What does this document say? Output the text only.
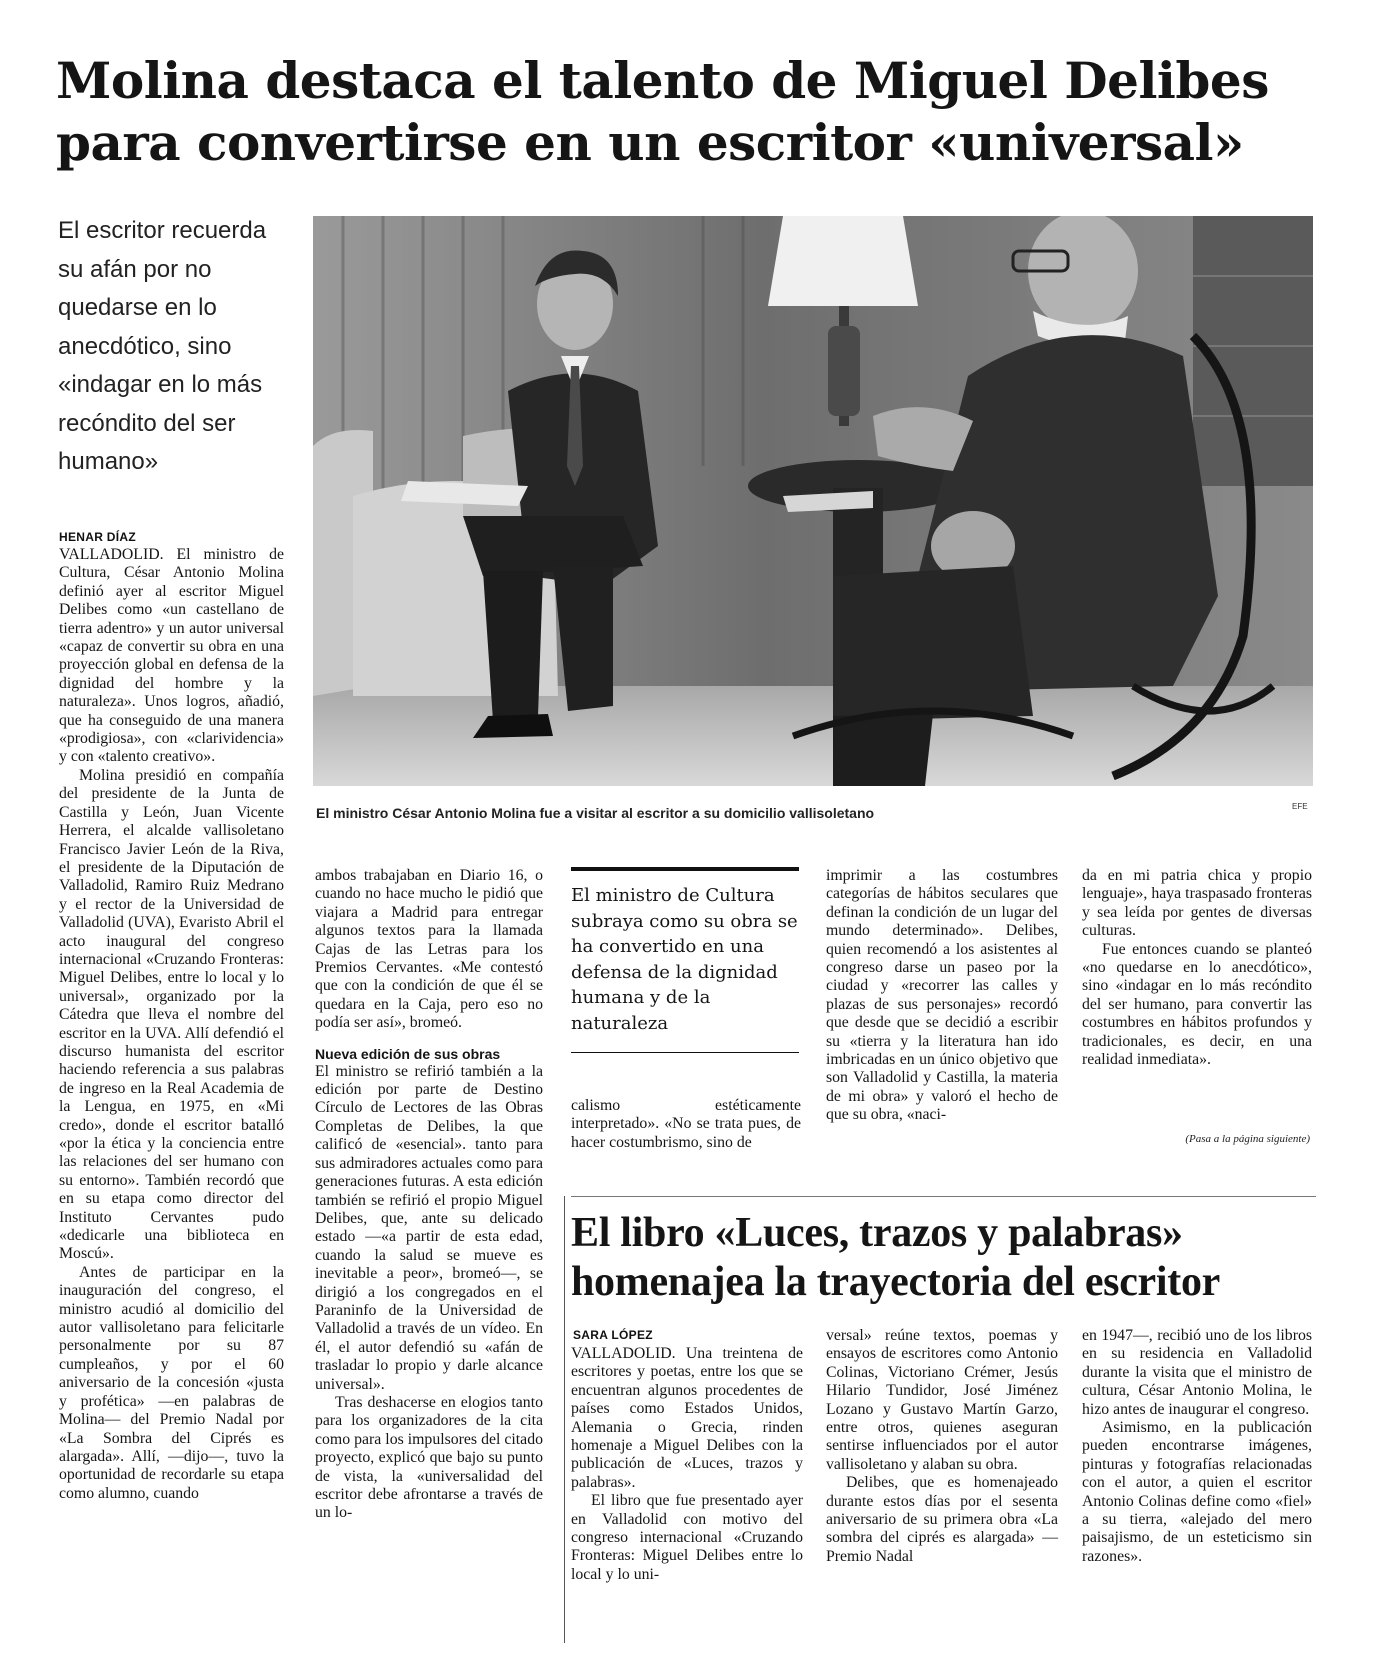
Molina destaca el talento de Miguel Delibes para convertirse en un escritor «universal»
El escritor recuerda su afán por no quedarse en lo anecdótico, sino «indagar en lo más recóndito del ser humano»
EFE
El ministro César Antonio Molina fue a visitar al escritor a su domicilio vallisoletano
HENAR DÍAZ

VALLADOLID. El ministro de Cultura, César Antonio Molina definió ayer al escritor Miguel Delibes como «un castellano de tierra adentro» y un autor universal «capaz de convertir su obra en una proyección global en defensa de la dignidad del hombre y la naturaleza». Unos logros, añadió, que ha conseguido de una manera «prodigiosa», con «clarividencia» y con «talento creativo».

Molina presidió en compañía del presidente de la Junta de Castilla y León, Juan Vicente Herrera, el alcalde vallisoletano Francisco Javier León de la Riva, el presidente de la Diputación de Valladolid, Ramiro Ruiz Medrano y el rector de la Universidad de Valladolid (UVA), Evaristo Abril el acto inaugural del congreso internacional «Cruzando Fronteras: Miguel Delibes, entre lo local y lo universal», organizado por la Cátedra que lleva el nombre del escritor en la UVA. Allí defendió el discurso humanista del escritor haciendo referencia a sus palabras de ingreso en la Real Academia de la Lengua, en 1975, en «Mi credo», donde el escritor batalló «por la ética y la conciencia entre las relaciones del ser humano con su entorno». También recordó que en su etapa como director del Instituto Cervantes pudo «dedicarle una biblioteca en Moscú».

Antes de participar en la inauguración del congreso, el ministro acudió al domicilio del autor vallisoletano para felicitarle personalmente por su 87 cumpleaños, y por el 60 aniversario de la concesión «justa y profética» —en palabras de Molina— del Premio Nadal por «La Sombra del Ciprés es alargada». Allí, —dijo—, tuvo la oportunidad de recordarle su etapa como alumno, cuando

ambos trabajaban en Diario 16, o cuando no hace mucho le pidió que viajara a Madrid para entregar algunos textos para la llamada Cajas de las Letras para los Premios Cervantes. «Me contestó que con la condición de que él se quedara en la Caja, pero eso no podía ser así», bromeó.

Nueva edición de sus obras

El ministro se refirió también a la edición por parte de Destino Círculo de Lectores de las Obras Completas de Delibes, la que calificó de «esencial». tanto para sus admiradores actuales como para generaciones futuras. A esta edición también se refirió el propio Miguel Delibes, que, ante su delicado estado —«a partir de esta edad, cuando la salud se mueve es inevitable a peor», bromeó—, se dirigió a los congregados en el Paraninfo de la Universidad de Valladolid a través de un vídeo. En él, el autor defendió su «afán de trasladar lo propio y darle alcance universal».

Tras deshacerse en elogios tanto para los organizadores de la cita como para los impulsores del citado proyecto, explicó que bajo su punto de vista, la «universalidad del escritor debe afrontarse a través de un lo-

El ministro de Cultura subraya como su obra se ha convertido en una defensa de la dignidad humana y de la naturaleza

calismo estéticamente interpretado». «No se trata pues, de hacer costumbrismo, sino de

imprimir a las costumbres categorías de hábitos seculares que definan la condición de un lugar del mundo determinado». Delibes, quien recomendó a los asistentes al congreso darse un paseo por la ciudad y «recorrer las calles y plazas de sus personajes» recordó que desde que se decidió a escribir su «tierra y la literatura han ido imbricadas en un único objetivo que son Valladolid y Castilla, la materia de mi obra» y valoró el hecho de que su obra, «naci-

da en mi patria chica y propio lenguaje», haya traspasado fronteras y sea leída por gentes de diversas culturas.

Fue entonces cuando se planteó «no quedarse en lo anecdótico», sino «indagar en lo más recóndito del ser humano, para convertir las costumbres en hábitos profundos y tradicionales, es decir, en una realidad inmediata».

(Pasa a la página siguiente)
El libro «Luces, trazos y palabras» homenajea la trayectoria del escritor
SARA LÓPEZ

VALLADOLID. Una treintena de escritores y poetas, entre los que se encuentran algunos procedentes de países como Estados Unidos, Alemania o Grecia, rinden homenaje a Miguel Delibes con la publicación de «Luces, trazos y palabras».

El libro que fue presentado ayer en Valladolid con motivo del congreso internacional «Cruzando Fronteras: Miguel Delibes entre lo local y lo uni-

versal» reúne textos, poemas y ensayos de escritores como Antonio Colinas, Victoriano Crémer, Jesús Hilario Tundidor, José Jiménez Lozano y Gustavo Martín Garzo, entre otros, quienes aseguran sentirse influenciados por el autor vallisoletano y alaban su obra.

Delibes, que es homenajeado durante estos días por el sesenta aniversario de su primera obra «La sombra del ciprés es alargada» —Premio Nadal

en 1947—, recibió uno de los libros en su residencia en Valladolid durante la visita que el ministro de cultura, César Antonio Molina, le hizo antes de inaugurar el congreso.

Asimismo, en la publicación pueden encontrarse imágenes, pinturas y fotografías relacionadas con el autor, a quien el escritor Antonio Colinas define como «fiel» a su tierra, «alejado del mero paisajismo, de un esteticismo sin razones».
